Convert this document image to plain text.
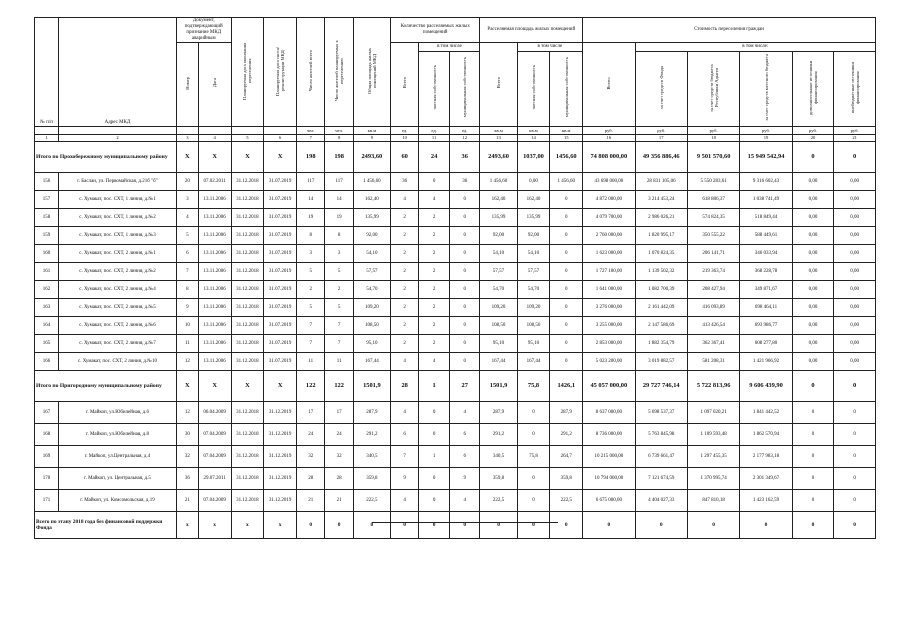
№ п/п	Адрес МКД	Документ, подтверждающий признание МКД аварийным		Планируемая дата окончания переселения	Планируемая дата сноса/реконструкции МКД	Число жителей всего	Число жителей планируемых к переселению	Общая площадь жилых помещений МКД	Количество расселяемых жилых помещений			Расселяемая площадь жилых помещений			Стоимость переселения граждан					
		Номер	Дата						Всего	в том числе		Всего	в том числе		Всего:	в том числе:				
										частная собственность	муниципальная собственность		частная собственность	муниципальная собственность		за счет средств Фонда	за счет средств бюджета Республики Адыгея	за счет средств местного бюджета	дополнительные источники финансирования	внебюджетные источники финансирования
						чел.	чел.	кв.м	ед.	ед.	ед.	кв.м	кв.м	кв.м	руб.	руб.	руб.	руб.	руб.	руб.
1	2	3	4	5	6	7	8	9	10	11	12	13	14	15	16	17	18	19	20	21
Итого по Прохобережному муниципальному району		X	X	X	X	198	198	2493,60	60	24	36	2493,60	1037,00	1456,60	74 808 000,00	49 356 886,46	9 501 570,60	15 949 542,94	0	0
156	г. Баслан, ул. Первомайская, д.21б "б"	20	07.02.2011	31.12.2018	31.07.2019	117	117	1 456,60	36	0	36	1 456,60	0,00	1 456,60	43 698 000,00	28 831 105,06	5 550 283,61	9 316 602,43	0,00	0,00
157	с. Хумакат, пос. СХТ, 1 линия, д.№1	3	13.11.2006	31.12.2018	31.07.2019	14	14	162,40	4	4	0	162,40	162,40	0	4 872 000,00	3 214 453,24	618 806,37	1 038 741,49	0,00	0,00
158	с. Хумакат, пос. СХТ, 1 линия, д.№2	4	13.11.2006	31.12.2018	31.07.2019	19	19	135,99	2	2	0	135,99	135,99	0	4 079 700,00	2 986 026,21	574 824,35	518 849,44	0,00	0,00
159	с. Хумакат, пос. СХТ, 1 линия, д.№3	5	13.11.2006	31.12.2018	31.07.2019	8	8	92,00	2	2	0	92,00	92,00	0	2 760 000,00	1 820 995,17	350 555,22	588 449,61	0,00	0,00
160	с. Хумакат, пос. СХТ, 2 линия, д.№1	6	13.11.2006	31.12.2018	31.07.2019	3	3	54,10	2	2	0	54,10	54,10	0	1 623 000,00	1 070 824,35	206 141,71	346 033,94	0,00	0,00
161	с. Хумакат, пос. СХТ, 2 линия, д.№2	7	13.11.2006	31.12.2018	31.07.2019	5	5	57,57	2	2	0	57,57	57,57	0	1 727 100,00	1 139 502,32	219 363,74	368 228,78	0,00	0,00
162	с. Хумакат, пос. СХТ, 2 линия, д.№4	8	13.11.2006	31.12.2018	31.07.2019	2	2	54,70	2	2	0	54,70	54,70	0	1 641 000,00	1 082 700,39	208 427,94	349 871,67	0,00	0,00
163	с. Хумакат, пос. СХТ, 2 линия, д.№5	9	13.11.2006	31.12.2018	31.07.2019	5	5	109,20	2	2	0	109,20	109,20	0	3 276 000,00	2 161 442,09	416 093,89	698 464,11	0,00	0,00
164	с. Хумакат, пос. СХТ, 2 линия, д.№6	10	13.11.2006	31.12.2018	31.07.2019	7	7	108,50	2	2	0	108,50	108,50	0	3 255 000,00	2 147 586,69	413 426,54	693 986,77	0,00	0,00
165	с. Хумакат, пос. СХТ, 2 линия, д.№7	11	13.11.2006	31.12.2018	31.07.2019	7	7	95,10	2	2	0	95,10	95,10	0	2 853 000,00	1 882 354,79	362 367,41	608 277,80	0,00	0,00
166	с. Хумакат, пос. СХТ, 2 линия, д.№10	12	13.11.2006	31.12.2018	31.07.2019	11	11	167,44	4	4	0	167,44	167,44	0	5 023 200,00	3 019 882,57	581 208,31	1 421 966,92	0,00	0,00
Итого по Пригородному муниципальному району		X	X	X	X	122	122	1501,9	28	1	27	1501,9	75,8	1426,1	45 057 000,00	29 727 746,14	5 722 813,96	9 606 439,90	0	0
167	г. Майкоп, ул.Юбилейная, д.6	12	06.04.2009	31.12.2018	31.12.2019	17	17	287,9	4	0	4	287,9	0	287,9	8 637 000,00	5 698 537,37	1 097 020,21	1 841 442,52	0	0
168	г. Майкоп, ул.Юбилейная, д.8	30	07.04.2009	31.12.2018	31.12.2019	24	24	291,2	6	0	6	291,2	0	291,2	8 736 000,00	5 763 845,98	1 109 593,48	1 862 570,94	0	0
169	г. Майкоп, ул.Центральная, д.4	32	07.04.2009	31.12.2018	31.12.2019	32	32	340,5	7	1	6	340,5	75,8	264,7	10 215 000,00	6 739 661,47	1 297 455,35	2 177 983,18	0	0
170	г. Майкоп, ул. Центральная, д.5	36	29.07.2011	31.12.2018	31.12.2019	28	28	359,8	9	0	9	359,8	0	359,8	10 794 000,00	7 121 674,59	1 370 995,74	2 301 349,67	0	0
171	г. Майкоп, ул. Комсомольская, д.19	21	07.04.2009	31.12.2018	31.12.2019	21	21	222,5	4	0	4	222,5	0	222,5	6 675 000,00	4 404 027,33	847 810,18	1 423 162,59	0	0
Всего по этапу 2018 года без финансовой поддержки Фонда		x	x	x	x	0	0	0	0	0	0	0	0	0	0	0	0	0	0	0
